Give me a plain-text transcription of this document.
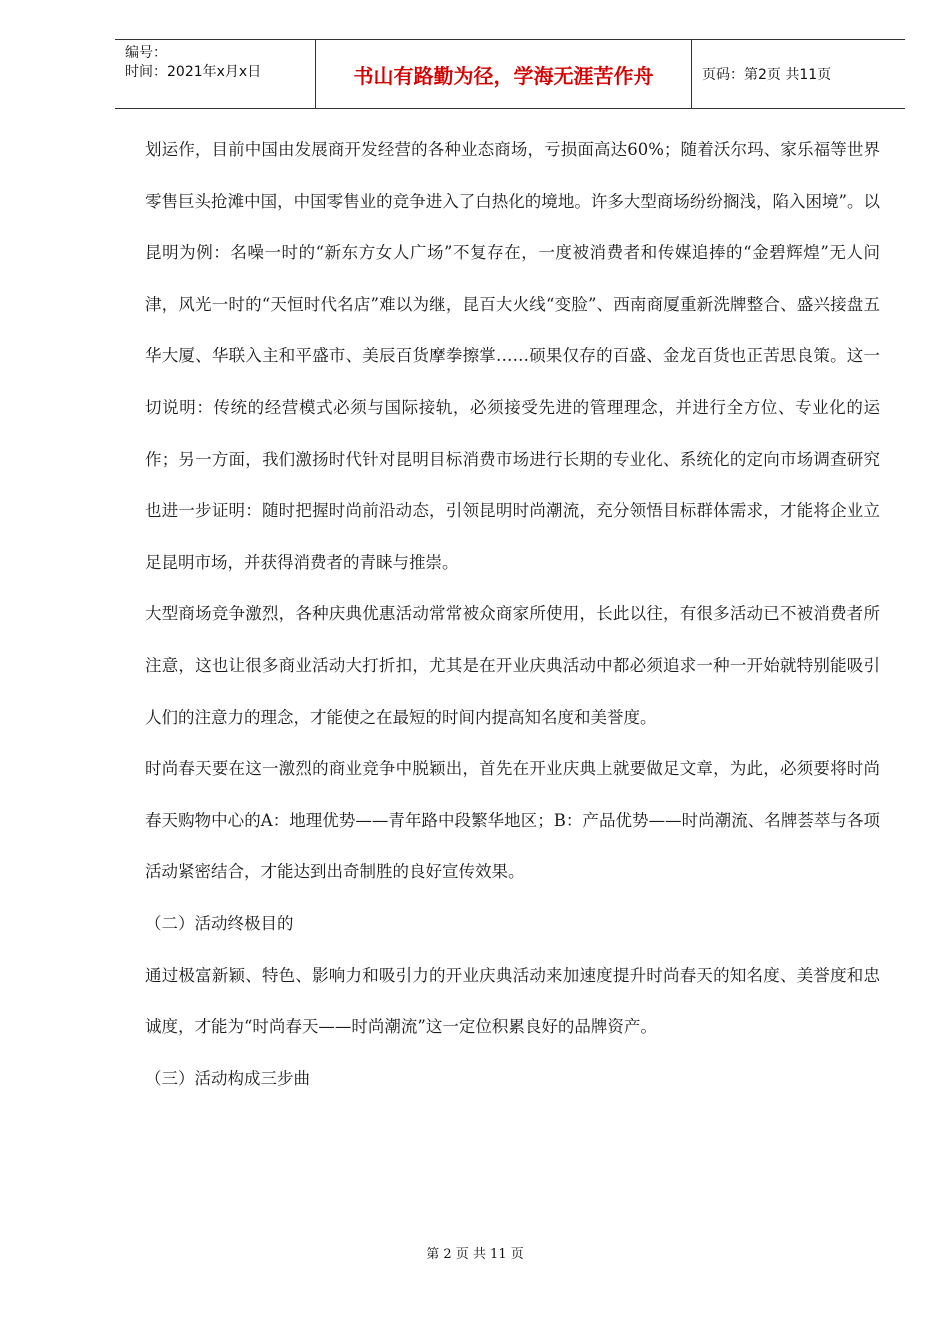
编号：
时间：2021年x月x日	书山有路勤为径，学海无涯苦作舟	页码：第2页 共11页

划运作，目前中国由发展商开发经营的各种业态商场，亏损面高达60%；随着沃尔玛、家乐福等世界零售巨头抢滩中国，中国零售业的竞争进入了白热化的境地。许多大型商场纷纷搁浅，陷入困境”。以昆明为例：名噪一时的“新东方女人广场”不复存在，一度被消费者和传媒追捧的“金碧辉煌”无人问津，风光一时的“天恒时代名店”难以为继，昆百大火线“变脸”、西南商厦重新洗牌整合、盛兴接盘五华大厦、华联入主和平盛市、美辰百货摩拳擦掌……硕果仅存的百盛、金龙百货也正苦思良策。这一切说明：传统的经营模式必须与国际接轨，必须接受先进的管理理念，并进行全方位、专业化的运作；另一方面，我们激扬时代针对昆明目标消费市场进行长期的专业化、系统化的定向市场调查研究也进一步证明：随时把握时尚前沿动态，引领昆明时尚潮流，充分领悟目标群体需求，才能将企业立足昆明市场，并获得消费者的青睐与推崇。

大型商场竞争激烈，各种庆典优惠活动常常被众商家所使用，长此以往，有很多活动已不被消费者所注意，这也让很多商业活动大打折扣，尤其是在开业庆典活动中都必须追求一种一开始就特别能吸引人们的注意力的理念，才能使之在最短的时间内提高知名度和美誉度。

时尚春天要在这一激烈的商业竞争中脱颖出，首先在开业庆典上就要做足文章，为此，必须要将时尚春天购物中心的A：地理优势——青年路中段繁华地区；B：产品优势——时尚潮流、名牌荟萃与各项活动紧密结合，才能达到出奇制胜的良好宣传效果。

（二）活动终极目的

通过极富新颖、特色、影响力和吸引力的开业庆典活动来加速度提升时尚春天的知名度、美誉度和忠诚度，才能为“时尚春天——时尚潮流”这一定位积累良好的品牌资产。

（三）活动构成三步曲

第 2 页 共 11 页
